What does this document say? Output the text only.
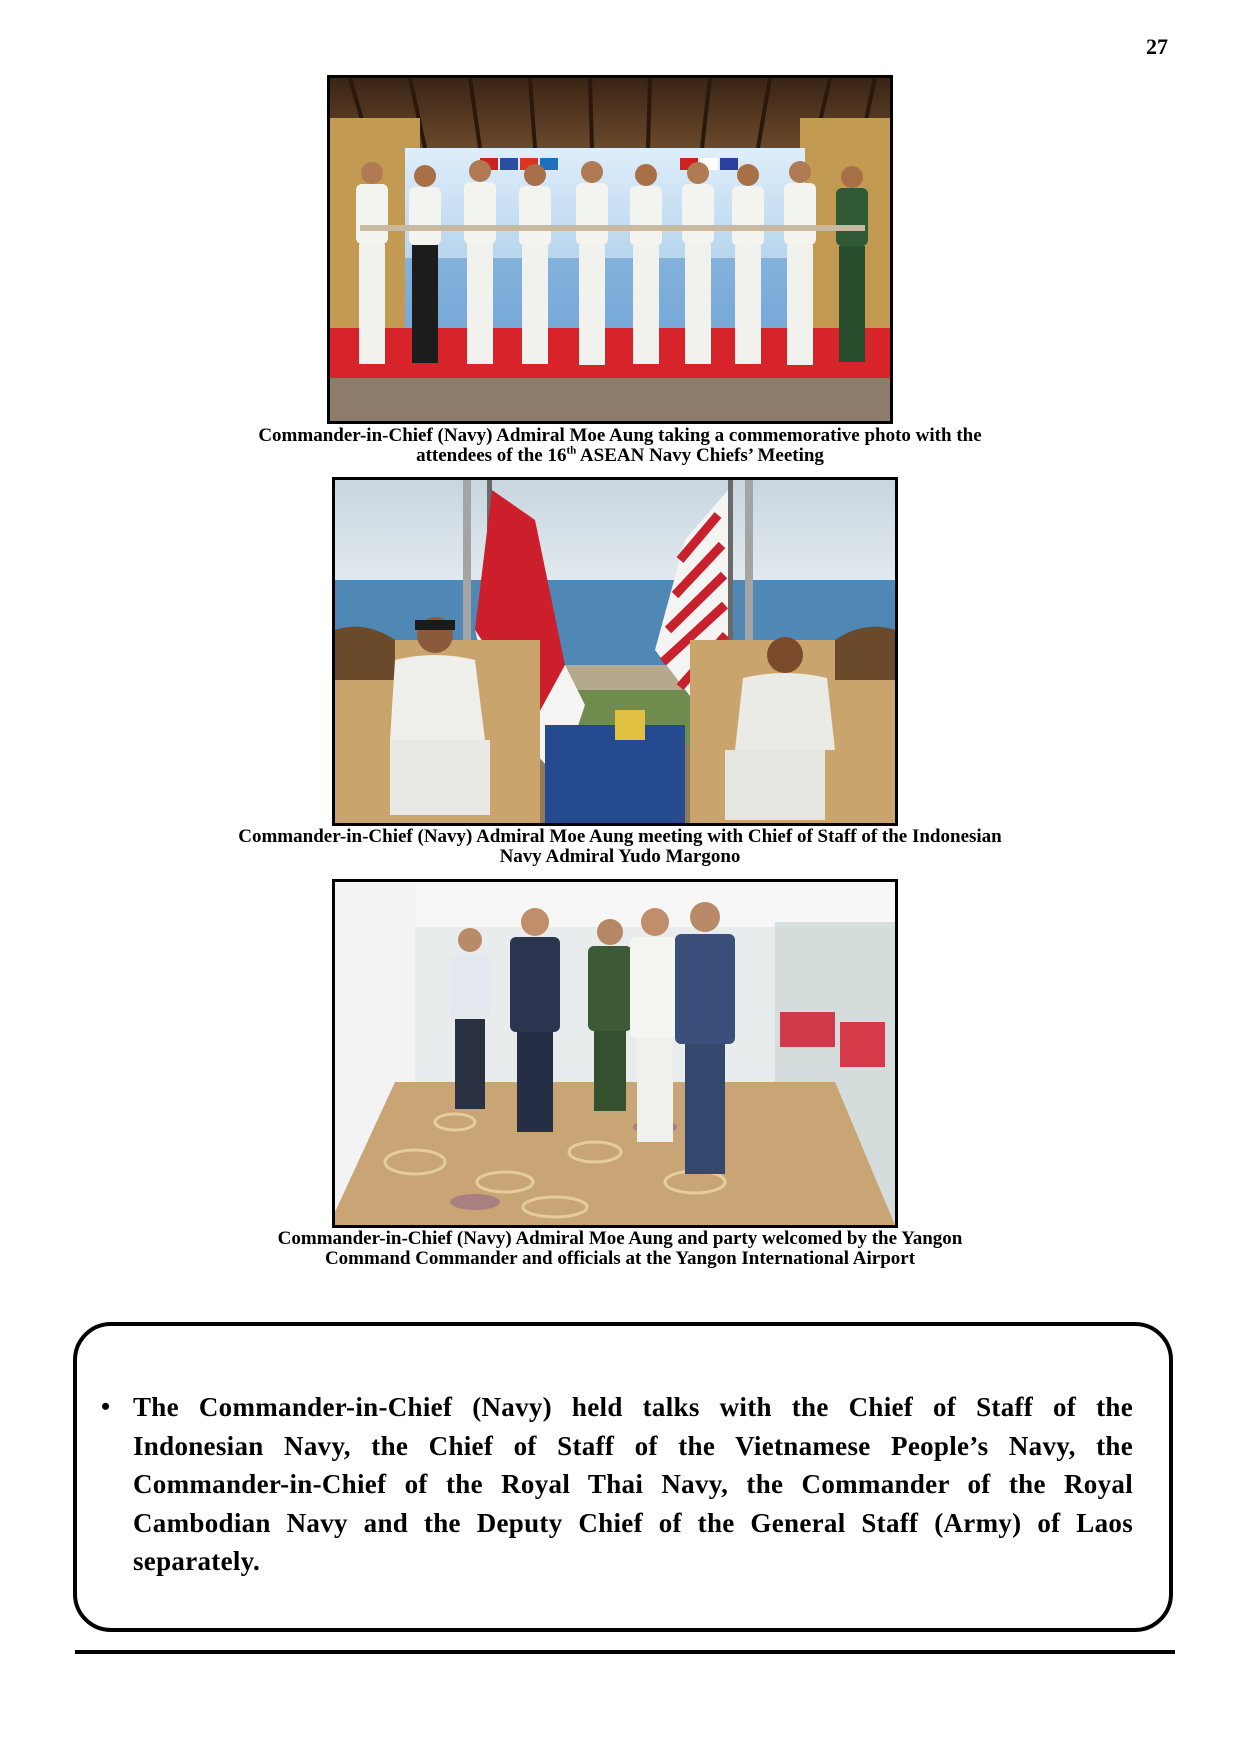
27
Commander-in-Chief (Navy) Admiral Moe Aung taking a commemorative photo with the
attendees of the 16th ASEAN Navy Chiefs’ Meeting
Commander-in-Chief (Navy) Admiral Moe Aung meeting with Chief of Staff of the Indonesian
Navy Admiral Yudo Margono
Commander-in-Chief (Navy) Admiral Moe Aung and party welcomed by the Yangon
Command Commander and officials at the Yangon International Airport
• The Commander-in-Chief (Navy) held talks with the Chief of Staff of the Indonesian Navy, the Chief of Staff of the Vietnamese People’s Navy, the Commander-in-Chief of the Royal Thai Navy, the Commander of the Royal Cambodian Navy and the Deputy Chief of the General Staff (Army) of Laos separately.
